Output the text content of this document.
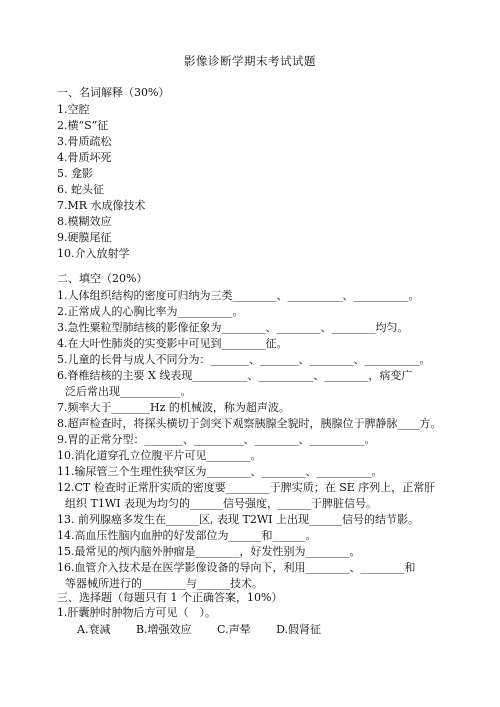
影像诊断学期末考试试题
一、名词解释（30%）
1.空腔
2.横“S”征
3.骨质疏松
4.骨质坏死
5. 龛影
6. 蛇头征
7.MR 水成像技术
8.模糊效应
9.硬膜尾征
10.介入放射学
二、填空（20%）
1.人体组织结构的密度可归纳为三类________、__________、__________。
2.正常成人的心胸比率为__________。
3.急性粟粒型肺结核的影像征象为________、________、________均匀。
4.在大叶性肺炎的实变影中可见到________征。
5.儿童的长骨与成人不同分为：_______、_______、________、__________。
6.脊椎结核的主要 X 线表现__________、__________、________，病变广
泛后常出现___________。
7.频率大于_______Hz 的机械波，称为超声波。
8.超声检查时，将探头横切于剑突下观察胰腺全貌时，胰腺位于脾静脉____方。
9.胃的正常分型：_______、_________、________、__________。
10.消化道穿孔立位腹平片可见________。
11.输尿管三个生理性狭窄区为________、________、__________。
12.CT 检查时正常肝实质的密度要________于脾实质；在 SE 序列上，正常肝
组织 T1WI 表现为均匀的______信号强度，______于脾脏信号。
13. 前列腺癌多发生在______区, 表现 T2WI 上出现______信号的结节影。
14.高血压性脑内血肿的好发部位为______和______。
15.最常见的颅内脑外肿瘤是________，好发性别为________。
16.血管介入技术是在医学影像设备的导向下，利用________、________和
等器械所进行的________与______技术。
三、选择题（每题只有 1 个正确答案，10%）
1.肝囊肿时肿物后方可见（　）。
A.衰减 B.增强效应 C.声晕 D.假肾征
